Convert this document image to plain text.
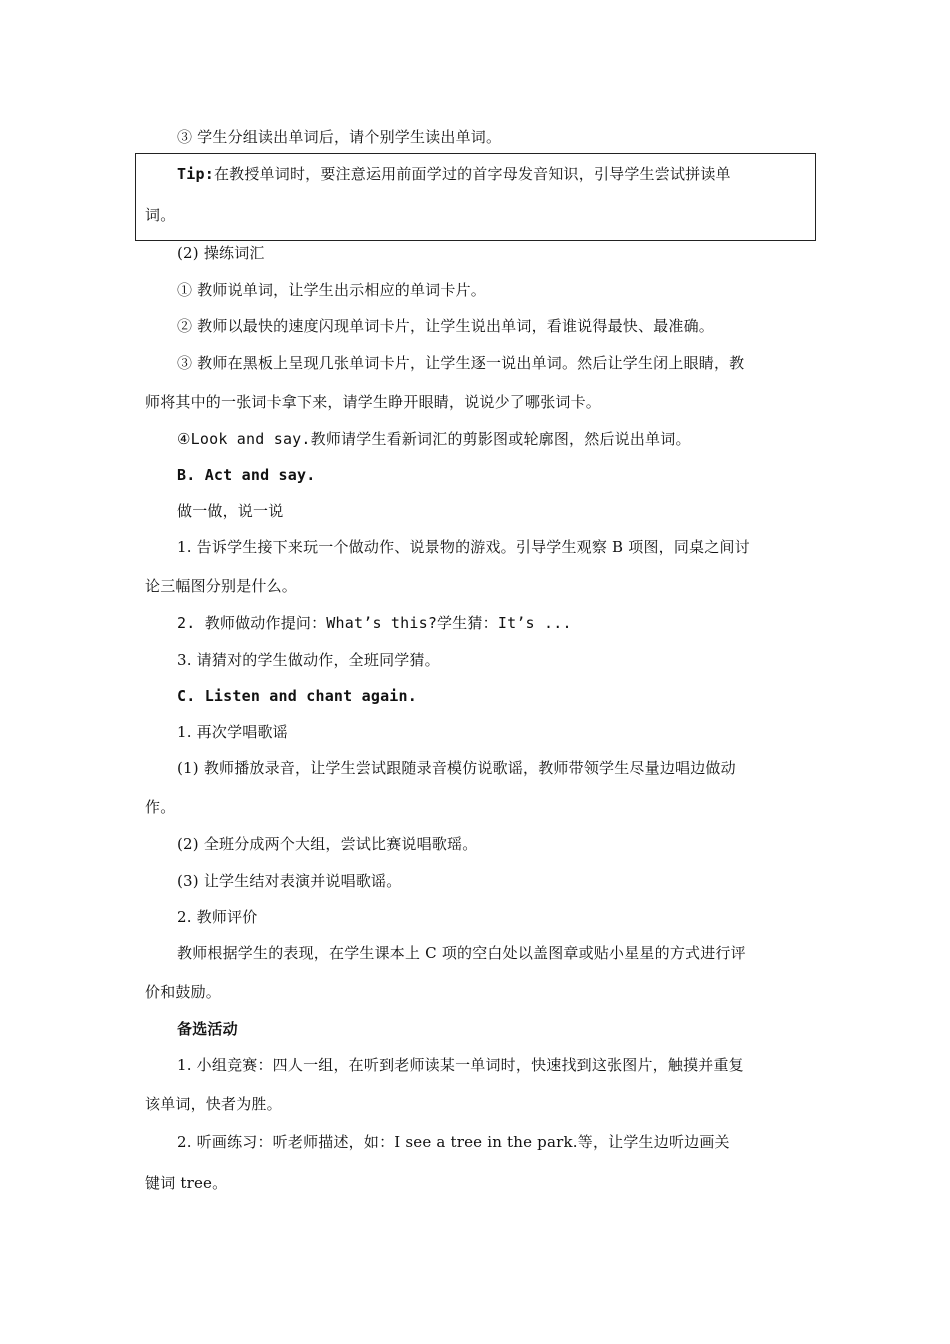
③ 学生分组读出单词后，请个别学生读出单词。
Tip:在教授单词时，要注意运用前面学过的首字母发音知识，引导学生尝试拼读单
词。
(2) 操练词汇
① 教师说单词，让学生出示相应的单词卡片。
② 教师以最快的速度闪现单词卡片，让学生说出单词，看谁说得最快、最准确。
③ 教师在黑板上呈现几张单词卡片，让学生逐一说出单词。然后让学生闭上眼睛，教
师将其中的一张词卡拿下来，请学生睁开眼睛，说说少了哪张词卡。
④Look and say.教师请学生看新词汇的剪影图或轮廓图，然后说出单词。
B. Act and say.
做一做，说一说
1. 告诉学生接下来玩一个做动作、说景物的游戏。引导学生观察 B 项图，同桌之间讨
论三幅图分别是什么。
2. 教师做动作提问：What’s this?学生猜：It’s ...
3. 请猜对的学生做动作，全班同学猜。
C. Listen and chant again.
1. 再次学唱歌谣
(1) 教师播放录音，让学生尝试跟随录音模仿说歌谣，教师带领学生尽量边唱边做动
作。
(2) 全班分成两个大组，尝试比赛说唱歌瑶。
(3) 让学生结对表演并说唱歌谣。
2. 教师评价
教师根据学生的表现，在学生课本上 C 项的空白处以盖图章或贴小星星的方式进行评
价和鼓励。
备选活动
1. 小组竞赛：四人一组，在听到老师读某一单词时，快速找到这张图片，触摸并重复
该单词，快者为胜。
2. 听画练习：听老师描述，如：I see a tree in the park.等，让学生边听边画关
键词 tree。
